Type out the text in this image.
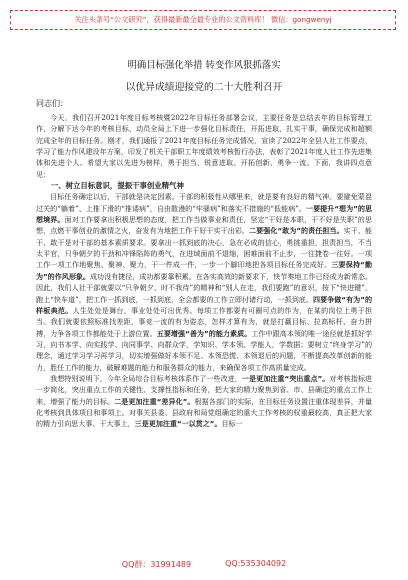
关注头条号“公文研究”，获得最新最全最专业的公文资料库！ 微信：gongwenyj
明确目标强化举措 转变作风狠抓落实
以优异成绩迎接党的二十大胜利召开
同志们：

今天，我们召开2021年度目标考核暨2022年目标任务部署会议，主要任务是总结去年的目标管理工作，分解下达今年的考核目标，动员全局上下进一步强化目标责任，开拓进取，扎实干事，确保完成和超额完成全年的目标任务。刚才，我们通报了2021年度目标任务完成情况，宣读了2022年全县人社工作要点，学习了能力作风建设年方案，印发了机关干部职工年度绩效考核暂行办法，表彰了2021年度人社工作先进集体和先进个人。希望大家以先进为榜样，勇于担当、锐意进取、开拓创新、勇争一流。下面，我讲四点意见：

一、树立目标意识，提振干事创业精气神

目标任务确定以后，干部就是决定因素。干部的积极性从哪里来，就是要有良好的精气神。要避免蒙混过关的“躺着”、上推下滑的“推诿病”，自由散漫的“牢骚病”和落实不措施的“低能病”。一要提升“想为”的思想境界。面对工作要拿出积极思想的态度，把工作当做事业和责任，坚定“干好是本职，干不好是失职”的思想，点燃干事创业的激情之火，奋发有为地把工作干好干实干出彩。二要强化“敢为”的责任担当。实干、能干、敢干是对干部的基本素质要求。要拿出一抓到底的决心，急在必成的信心，勇挑重担，担责担当，不当太平官，只争朝夕的干劲和冲锋陷阵的勇气，在进域面前不退缩，困难面前不止步，一往捷卷一往好。一项工作一项工作地聚焦、聚神、聚力，干一件成一件，一步一个脚印地把各项目标任务完成好。三要保持“勤为”的作风形象。成功没有捷径，成功都要靠积累。在各实高效的新要求下，快节奏地工作已经成为新常态。因此，我们人社干部就要以“只争朝夕、时不我待”的精神和“别人在走，我们要跑”的意识，按下“快进键”，跑上“快车道”，把工作一抓到底，一抓到底，全会都要的工作立即付诸行动，一抓到底。四要争做“有为”的样板典范。人生处处是舞台，事业处处可出优秀。每项工作都要有可圈可点的作为，在某的岗位上勇于担当。我们就要依照标准找差距，事竞一流的有为姿态，怎样才算有为，就是打赢目标、拉高标杆、奋力拼搏，力争各项工作都能处于上游位置。五要增强“善为”的能力素质。工作中跟高本领的唯一途径就是抓好学习，向书本学、向实践学、向同事学、向群众学，学知识、学本领、学能人，学数据；要树立“终身学习”的理念，通过学习学习再学习，切实增强做好本领不足、本领恐慌、本领退后的问题，不断提高改革创新的能力，胜任工作的能力，破解难题的能力和服务群众的能力，来确保各项工作高质量完成。

我想特别说明下，今年全局综合目标考核体系作了一些改进，一是更加注重“突出重点”。对考核指标进一步简化，突出重点工作的关键性、支撑性指标和任务，把大家的精力聚焦到省、市、县确定的重点工作上来，增强了能力的目标。二是更加注重“差异化”。根据各部门的实际，在目标任务设置注重体现差异，并量化考核到具体项目和事项上。对事关县委、县政府和局党组确定的重大工作考核的权重最较高，真正把大家的精力引向思大事、干大事上，三是更加注重“一以贯之”。目标一

QQ群：31991489	QQ:535304092
